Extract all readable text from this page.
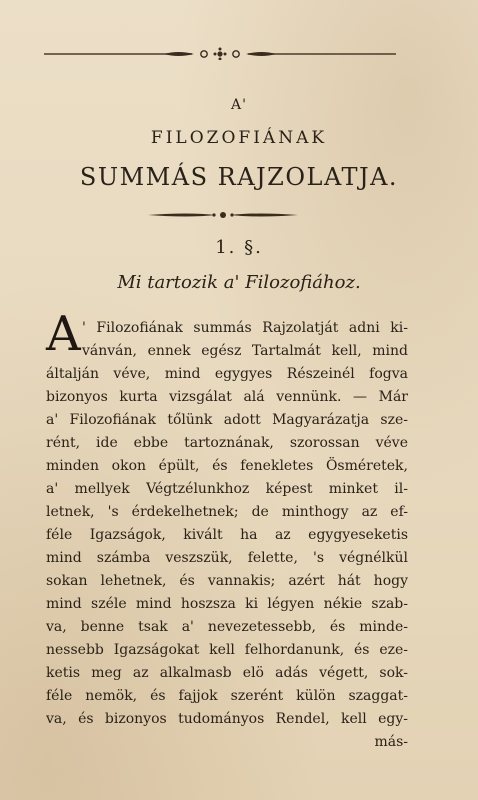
A'
FILOZOFIÁNAK
SUMMÁS RAJZOLATJA.
1. §.
Mi tartozik a' Filozofiához.
A ' Filozofiának summás Rajzolatját adni ki-
vánván, ennek egész Tartalmát kell, mind
általján véve, mind egygyes Részeinél fogva
bizonyos kurta vizsgálat alá vennünk. — Már
a' Filozofiának tőlünk adott Magyarázatja sze-
rént, ide ebbe tartoznának, szorossan véve
minden okon épült, és fenekletes Ösméretek,
a' mellyek Végtzélunkhoz képest minket il-
letnek, 's érdekelhetnek; de minthogy az ef-
féle Igazságok, kivált ha az egygyeseketis
mind számba veszszük, felette, 's végnélkül
sokan lehetnek, és vannakis; azért hát hogy
mind széle mind hoszsza ki légyen nékie szab-
va, benne tsak a' nevezetessebb, és minde-
nessebb Igazságokat kell felhordanunk, és eze-
ketis meg az alkalmasb elö adás végett, sok-
féle nemök, és fajjok szerént külön szaggat-
va, és bizonyos tudományos Rendel, kell egy-
más-
